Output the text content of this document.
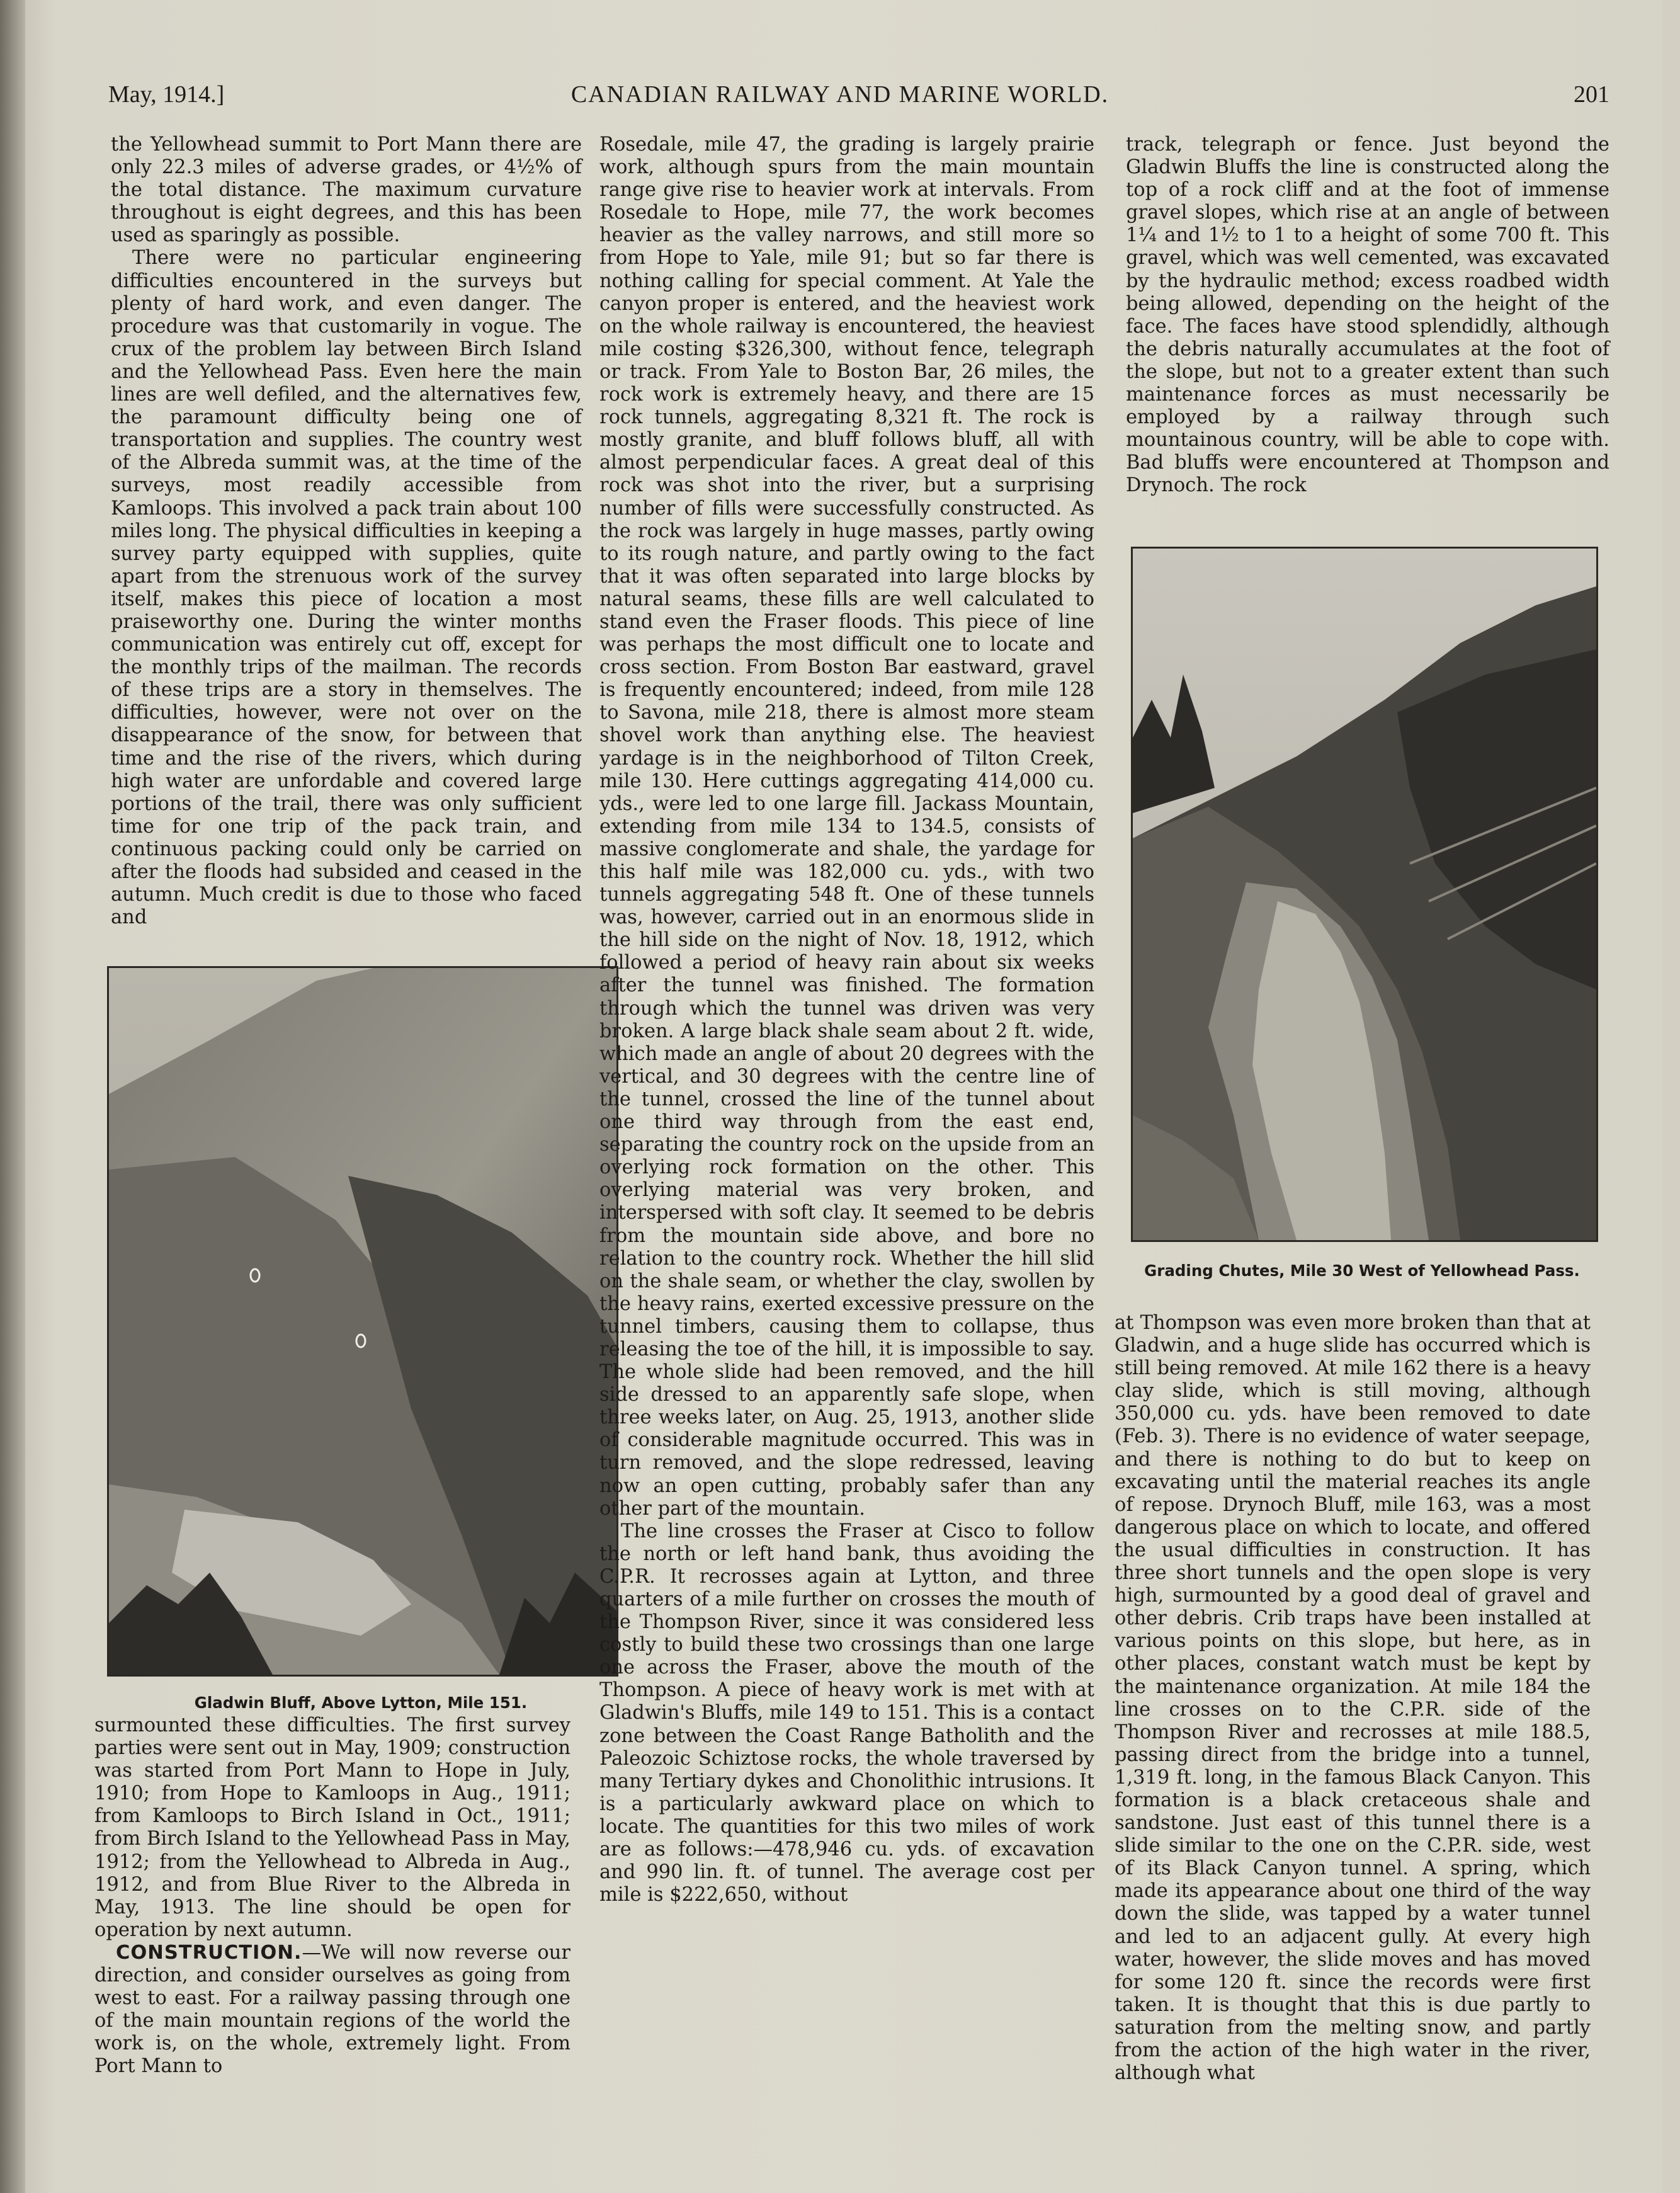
May, 1914.]	CANADIAN RAILWAY AND MARINE WORLD.	201

the Yellowhead summit to Port Mann there are only 22.3 miles of adverse grades, or 4½% of the total distance. The maximum curvature throughout is eight degrees, and this has been used as sparingly as possible.

There were no particular engineering difficulties encountered in the surveys but plenty of hard work, and even danger. The procedure was that customarily in vogue. The crux of the problem lay between Birch Island and the Yellowhead Pass. Even here the main lines are well defiled, and the alternatives few, the paramount difficulty being one of transportation and supplies. The country west of the Albreda summit was, at the time of the surveys, most readily accessible from Kamloops. This involved a pack train about 100 miles long. The physical difficulties in keeping a survey party equipped with supplies, quite apart from the strenuous work of the survey itself, makes this piece of location a most praiseworthy one. During the winter months communication was entirely cut off, except for the monthly trips of the mailman. The records of these trips are a story in themselves. The difficulties, however, were not over on the disappearance of the snow, for between that time and the rise of the rivers, which during high water are unfordable and covered large portions of the trail, there was only sufficient time for one trip of the pack train, and continuous packing could only be carried on after the floods had subsided and ceased in the autumn. Much credit is due to those who faced and

Gladwin Bluff, Above Lytton, Mile 151.

surmounted these difficulties. The first survey parties were sent out in May, 1909; construction was started from Port Mann to Hope in July, 1910; from Hope to Kamloops in Aug., 1911; from Kamloops to Birch Island in Oct., 1911; from Birch Island to the Yellowhead Pass in May, 1912; from the Yellowhead to Albreda in Aug., 1912, and from Blue River to the Albreda in May, 1913. The line should be open for operation by next autumn.

CONSTRUCTION.—We will now reverse our direction, and consider ourselves as going from west to east. For a railway passing through one of the main mountain regions of the world the work is, on the whole, extremely light. From Port Mann to

Rosedale, mile 47, the grading is largely prairie work, although spurs from the main mountain range give rise to heavier work at intervals. From Rosedale to Hope, mile 77, the work becomes heavier as the valley narrows, and still more so from Hope to Yale, mile 91; but so far there is nothing calling for special comment. At Yale the canyon proper is entered, and the heaviest work on the whole railway is encountered, the heaviest mile costing $326,300, without fence, telegraph or track. From Yale to Boston Bar, 26 miles, the rock work is extremely heavy, and there are 15 rock tunnels, aggregating 8,321 ft. The rock is mostly granite, and bluff follows bluff, all with almost perpendicular faces. A great deal of this rock was shot into the river, but a surprising number of fills were successfully constructed. As the rock was largely in huge masses, partly owing to its rough nature, and partly owing to the fact that it was often separated into large blocks by natural seams, these fills are well calculated to stand even the Fraser floods. This piece of line was perhaps the most difficult one to locate and cross section. From Boston Bar eastward, gravel is frequently encountered; indeed, from mile 128 to Savona, mile 218, there is almost more steam shovel work than anything else. The heaviest yardage is in the neighborhood of Tilton Creek, mile 130. Here cuttings aggregating 414,000 cu. yds., were led to one large fill. Jackass Mountain, extending from mile 134 to 134.5, consists of massive conglomerate and shale, the yardage for this half mile was 182,000 cu. yds., with two tunnels aggregating 548 ft. One of these tunnels was, however, carried out in an enormous slide in the hill side on the night of Nov. 18, 1912, which followed a period of heavy rain about six weeks after the tunnel was finished. The formation through which the tunnel was driven was very broken. A large black shale seam about 2 ft. wide, which made an angle of about 20 degrees with the vertical, and 30 degrees with the centre line of the tunnel, crossed the line of the tunnel about one third way through from the east end, separating the country rock on the upside from an overlying rock formation on the other. This overlying material was very broken, and interspersed with soft clay. It seemed to be debris from the mountain side above, and bore no relation to the country rock. Whether the hill slid on the shale seam, or whether the clay, swollen by the heavy rains, exerted excessive pressure on the tunnel timbers, causing them to collapse, thus releasing the toe of the hill, it is impossible to say. The whole slide had been removed, and the hill side dressed to an apparently safe slope, when three weeks later, on Aug. 25, 1913, another slide of considerable magnitude occurred. This was in turn removed, and the slope redressed, leaving now an open cutting, probably safer than any other part of the mountain.

The line crosses the Fraser at Cisco to follow the north or left hand bank, thus avoiding the C.P.R. It recrosses again at Lytton, and three quarters of a mile further on crosses the mouth of the Thompson River, since it was considered less costly to build these two crossings than one large one across the Fraser, above the mouth of the Thompson. A piece of heavy work is met with at Gladwin's Bluffs, mile 149 to 151. This is a contact zone between the Coast Range Batholith and the Paleozoic Schiztose rocks, the whole traversed by many Tertiary dykes and Chonolithic intrusions. It is a particularly awkward place on which to locate. The quantities for this two miles of work are as follows:—478,946 cu. yds. of excavation and 990 lin. ft. of tunnel. The average cost per mile is $222,650, without

track, telegraph or fence. Just beyond the Gladwin Bluffs the line is constructed along the top of a rock cliff and at the foot of immense gravel slopes, which rise at an angle of between 1¼ and 1½ to 1 to a height of some 700 ft. This gravel, which was well cemented, was excavated by the hydraulic method; excess roadbed width being allowed, depending on the height of the face. The faces have stood splendidly, although the debris naturally accumulates at the foot of the slope, but not to a greater extent than such maintenance forces as must necessarily be employed by a railway through such mountainous country, will be able to cope with. Bad bluffs were encountered at Thompson and Drynoch. The rock

Grading Chutes, Mile 30 West of Yellowhead Pass.

at Thompson was even more broken than that at Gladwin, and a huge slide has occurred which is still being removed. At mile 162 there is a heavy clay slide, which is still moving, although 350,000 cu. yds. have been removed to date (Feb. 3). There is no evidence of water seepage, and there is nothing to do but to keep on excavating until the material reaches its angle of repose. Drynoch Bluff, mile 163, was a most dangerous place on which to locate, and offered the usual difficulties in construction. It has three short tunnels and the open slope is very high, surmounted by a good deal of gravel and other debris. Crib traps have been installed at various points on this slope, but here, as in other places, constant watch must be kept by the maintenance organization. At mile 184 the line crosses on to the C.P.R. side of the Thompson River and recrosses at mile 188.5, passing direct from the bridge into a tunnel, 1,319 ft. long, in the famous Black Canyon. This formation is a black cretaceous shale and sandstone. Just east of this tunnel there is a slide similar to the one on the C.P.R. side, west of its Black Canyon tunnel. A spring, which made its appearance about one third of the way down the slide, was tapped by a water tunnel and led to an adjacent gully. At every high water, however, the slide moves and has moved for some 120 ft. since the records were first taken. It is thought that this is due partly to saturation from the melting snow, and partly from the action of the high water in the river, although what
